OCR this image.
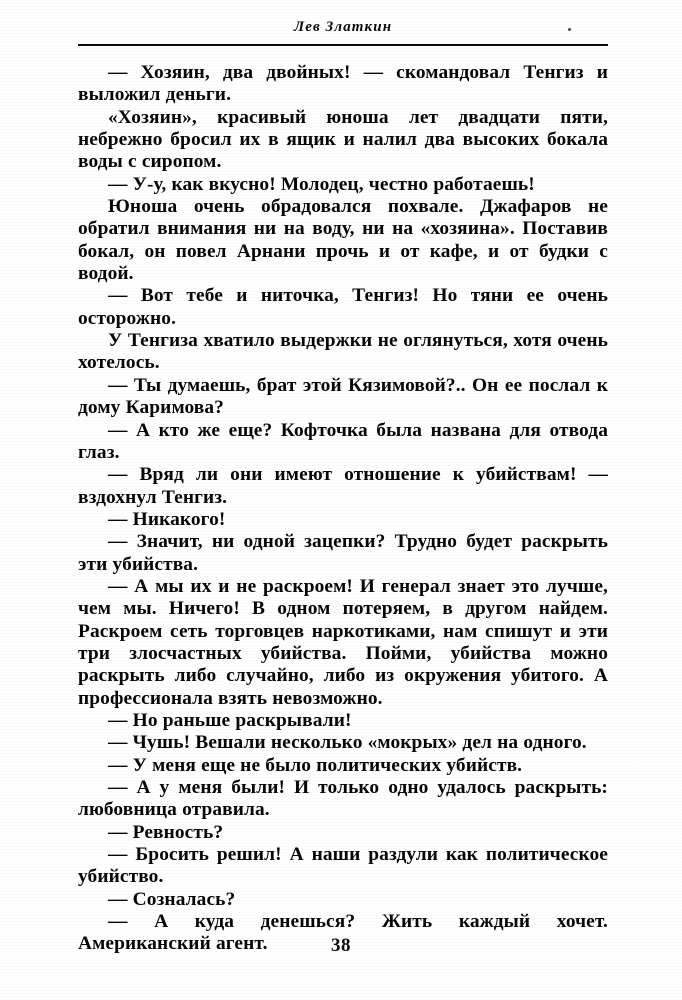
Лев Златкин

— Хозяин, два двойных! — скомандовал Тенгиз и выложил деньги.

«Хозяин», красивый юноша лет двадцати пяти, небрежно бросил их в ящик и налил два высоких бокала воды с сиропом.

— У-у, как вкусно! Молодец, честно работаешь!

Юноша очень обрадовался похвале. Джафаров не обратил внимания ни на воду, ни на «хозяина». Поставив бокал, он повел Арнани прочь и от кафе, и от будки с водой.

— Вот тебе и ниточка, Тенгиз! Но тяни ее очень осторожно.

У Тенгиза хватило выдержки не оглянуться, хотя очень хотелось.

— Ты думаешь, брат этой Кязимовой?.. Он ее послал к дому Каримова?

— А кто же еще? Кофточка была названа для отвода глаз.

— Вряд ли они имеют отношение к убийствам! — вздохнул Тенгиз.

— Никакого!

— Значит, ни одной зацепки? Трудно будет раскрыть эти убийства.

— А мы их и не раскроем! И генерал знает это лучше, чем мы. Ничего! В одном потеряем, в другом найдем. Раскроем сеть торговцев наркотиками, нам спишут и эти три злосчастных убийства. Пойми, убийства можно раскрыть либо случайно, либо из окружения убитого. А профессионала взять невозможно.

— Но раньше раскрывали!

— Чушь! Вешали несколько «мокрых» дел на одного.

— У меня еще не было политических убийств.

— А у меня были! И только одно удалось раскрыть: любовница отравила.

— Ревность?

— Бросить решил! А наши раздули как политическое убийство.

— Созналась?

— А куда денешься? Жить каждый хочет. Американский агент.	38
